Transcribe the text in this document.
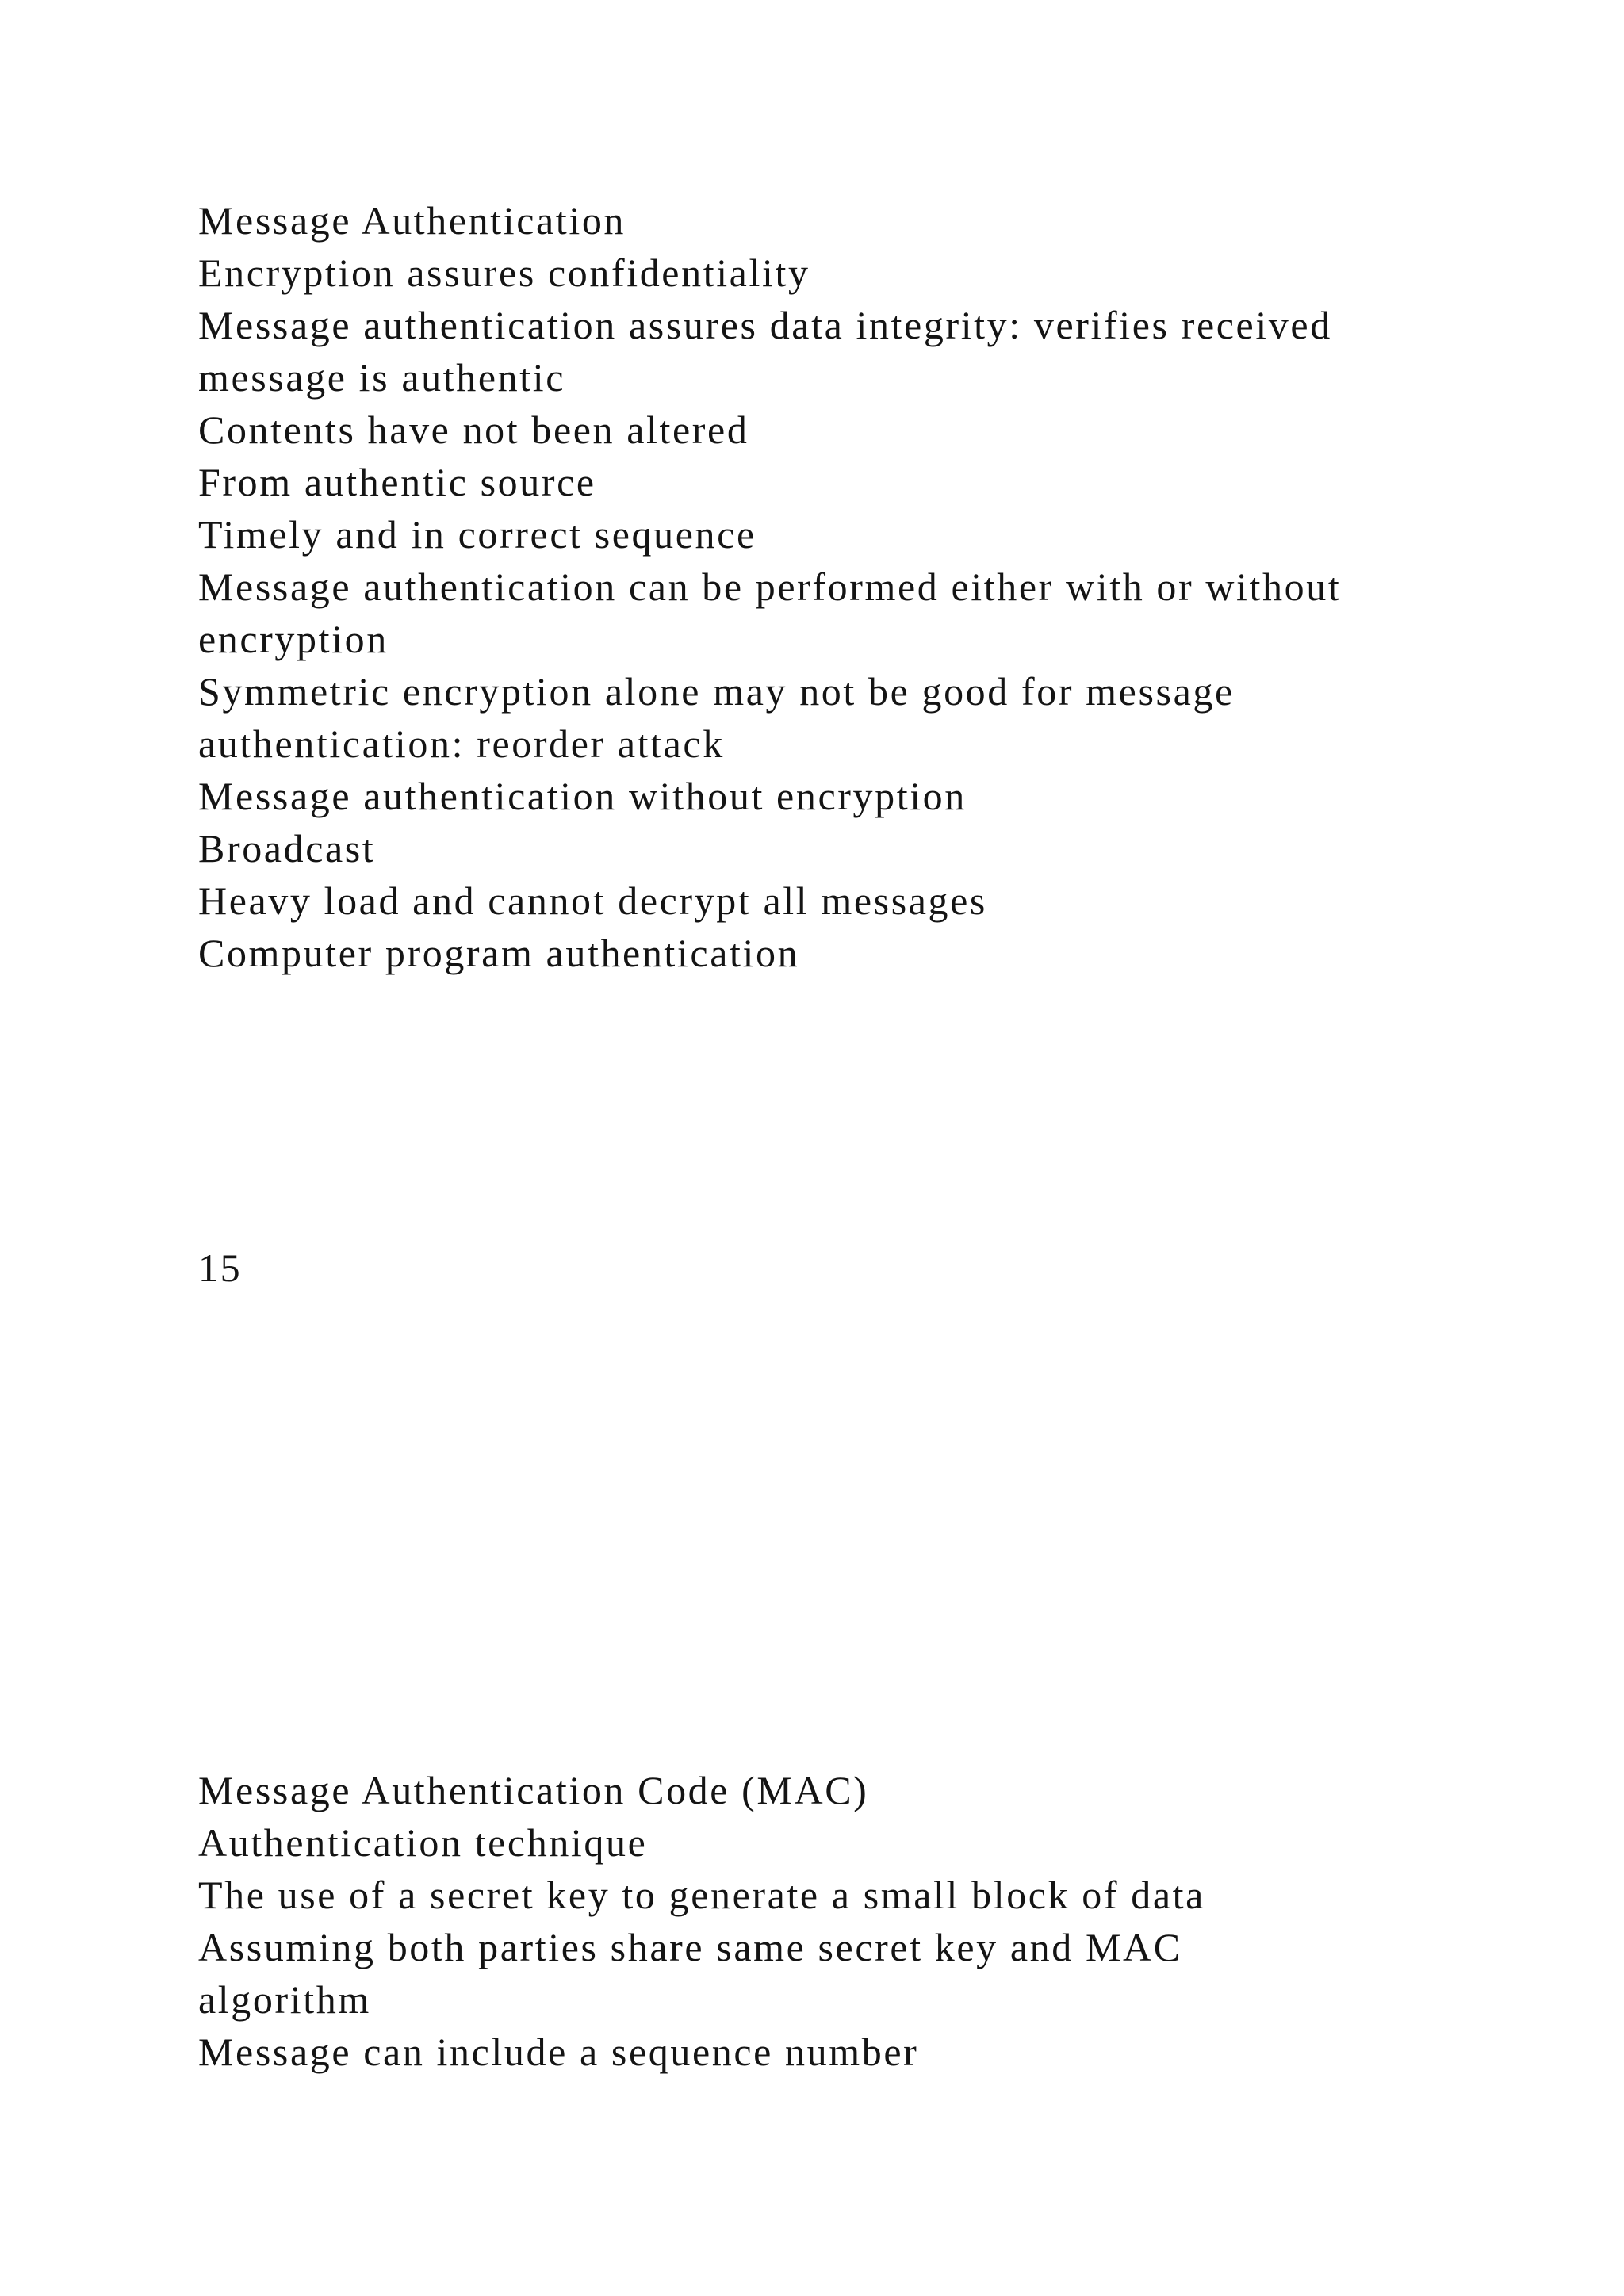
Message Authentication

Encryption assures confidentiality

Message authentication assures data integrity: verifies received

message is authentic

Contents have not been altered

From authentic source

Timely and in correct sequence

Message authentication can be performed either with or without

encryption

Symmetric encryption alone may not be good for message

authentication: reorder attack

Message authentication without encryption

Broadcast

Heavy load and cannot decrypt all messages

Computer program authentication

15

Message Authentication Code (MAC)

Authentication technique

The use of a secret key to generate a small block of data

Assuming both parties share same secret key and MAC

algorithm

Message can include a sequence number
